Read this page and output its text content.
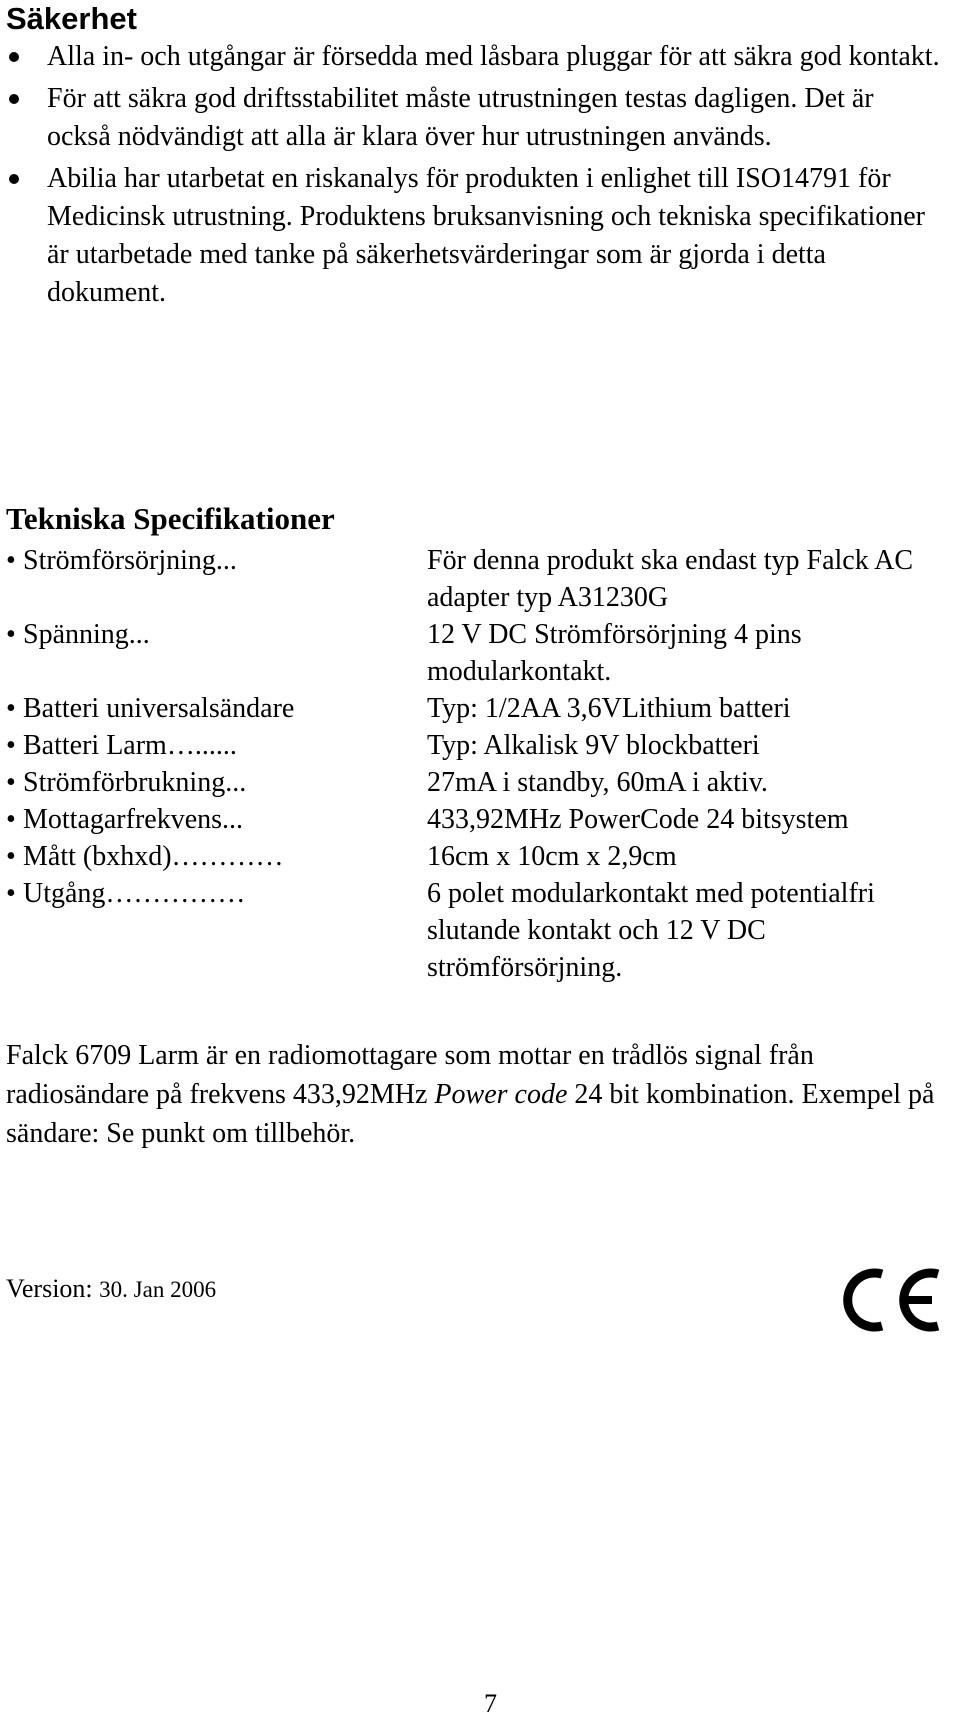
Säkerhet
Alla in- och utgångar är försedda med låsbara pluggar för att säkra god kontakt.
För att säkra god driftsstabilitet måste utrustningen testas dagligen. Det är också nödvändigt att alla är klara över hur utrustningen används.
Abilia har utarbetat en riskanalys för produkten i enlighet till ISO14791 för Medicinsk utrustning. Produktens bruksanvisning och tekniska specifikationer är utarbetade med tanke på säkerhetsvärderingar som är gjorda i detta dokument.
Tekniska Specifikationer
• Strömförsörjning...	För denna produkt ska endast typ Falck AC adapter typ A31230G
• Spänning...	12 V DC Strömförsörjning 4 pins modularkontakt.
• Batteri universalsändare	Typ: 1/2AA 3,6VLithium batteri
• Batteri Larm…......	Typ: Alkalisk 9V blockbatteri
• Strömförbrukning...	27mA i standby, 60mA i aktiv.
• Mottagarfrekvens...	433,92MHz PowerCode 24 bitsystem
• Mått (bxhxd)…………	16cm x 10cm x 2,9cm
• Utgång……………	6 polet modularkontakt med potentialfri slutande kontakt och 12 V DC strömförsörjning.

Falck 6709 Larm är en radiomottagare som mottar en trådlös signal från radiosändare på frekvens 433,92MHz Power code 24 bit kombination. Exempel på sändare: Se punkt om tillbehör.

Version: 30. Jan 2006
7
